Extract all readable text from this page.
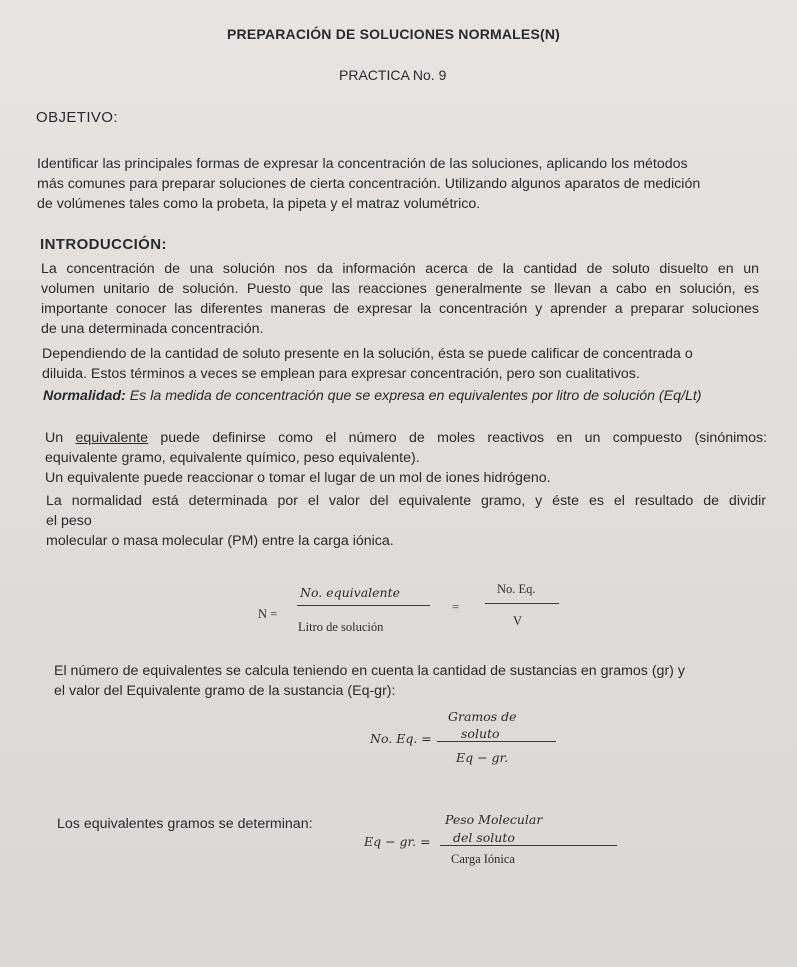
PREPARACIÓN DE SOLUCIONES NORMALES(N)
PRACTICA No. 9
OBJETIVO:
Identificar las principales formas de expresar la concentración de las soluciones, aplicando los métodos
más comunes para preparar soluciones de cierta concentración. Utilizando algunos aparatos de medición
de volúmenes tales como la probeta, la pipeta y el matraz volumétrico.
INTRODUCCIÓN:
La concentración de una solución nos da información acerca de la cantidad de soluto disuelto en un
volumen unitario de solución. Puesto que las reacciones generalmente se llevan a cabo en solución, es
importante conocer las diferentes maneras de expresar la concentración y aprender a preparar soluciones
de una determinada concentración.
Dependiendo de la cantidad de soluto presente en la solución, ésta se puede calificar de concentrada o
diluida. Estos términos a veces se emplean para expresar concentración, pero son cualitativos.
Normalidad: Es la medida de concentración que se expresa en equivalentes por litro de solución (Eq/Lt)
Un equivalente puede definirse como el número de moles reactivos en un compuesto (sinónimos:
equivalente gramo, equivalente químico, peso equivalente).
Un equivalente puede reaccionar o tomar el lugar de un mol de iones hidrógeno.
La normalidad está determinada por el valor del equivalente gramo, y éste es el resultado de dividir
el peso
molecular o masa molecular (PM) entre la carga iónica.
N =
No. equivalente
Litro de solución
=
No. Eq.
V
El número de equivalentes se calcula teniendo en cuenta la cantidad de sustancias en gramos (gr) y
el valor del Equivalente gramo de la sustancia (Eq-gr):
No. Eq. =
Gramos de
soluto
Eq − gr.
Los equivalentes gramos se determinan:
Eq − gr. =
Peso Molecular
del soluto
Carga Iónica
